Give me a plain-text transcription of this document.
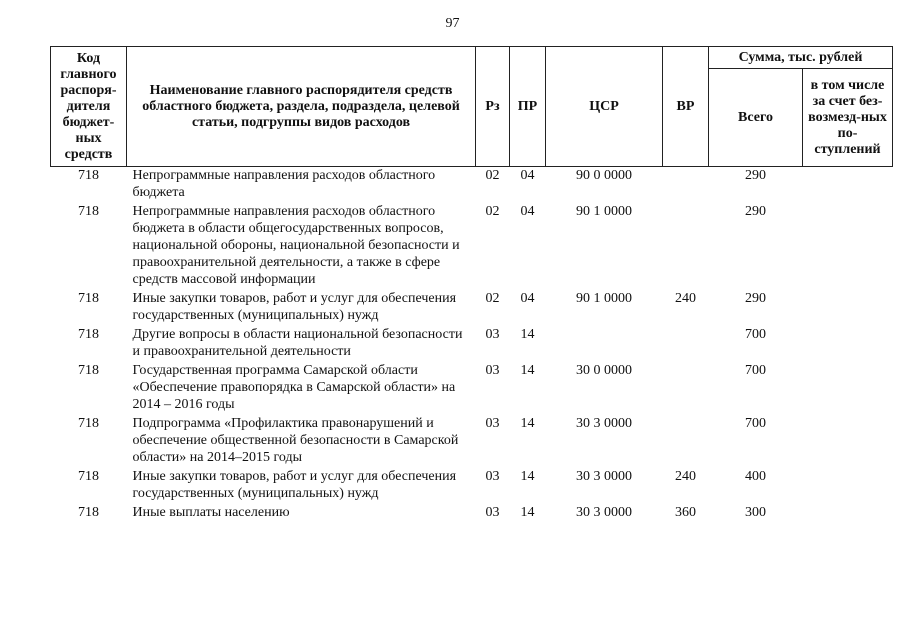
97
Код главного распоря-дителя бюджет-ных средств	Наименование главного распорядителя средств областного бюджета, раздела, подраздела, целевой статьи, подгруппы видов расходов	Рз	ПР	ЦСР	ВР	Сумма, тыс. рублей	
						Всего	в том числе за счет без-возмезд-ных по-ступлений
718	Непрограммные направления расходов областного бюджета	02	04	90 0 0000		290	
718	Непрограммные направления расходов областного бюджета в области общегосударственных вопросов, национальной обороны, национальной безопасности и правоохранительной деятельности, а также в сфере средств массовой информации	02	04	90 1 0000		290	
718	Иные закупки товаров, работ и услуг для обеспечения государственных (муниципальных) нужд	02	04	90 1 0000	240	290	
718	Другие вопросы в области национальной безопасности и правоохранительной деятельности	03	14			700	
718	Государственная программа Самарской области «Обеспечение правопорядка в Самарской области» на 2014 – 2016 годы	03	14	30 0 0000		700	
718	Подпрограмма «Профилактика правонарушений и обеспечение общественной безопасности в Самарской области» на 2014–2015 годы	03	14	30 3 0000		700	
718	Иные закупки товаров, работ и услуг для обеспечения государственных (муниципальных) нужд	03	14	30 3 0000	240	400	
718	Иные выплаты населению	03	14	30 3 0000	360	300	
